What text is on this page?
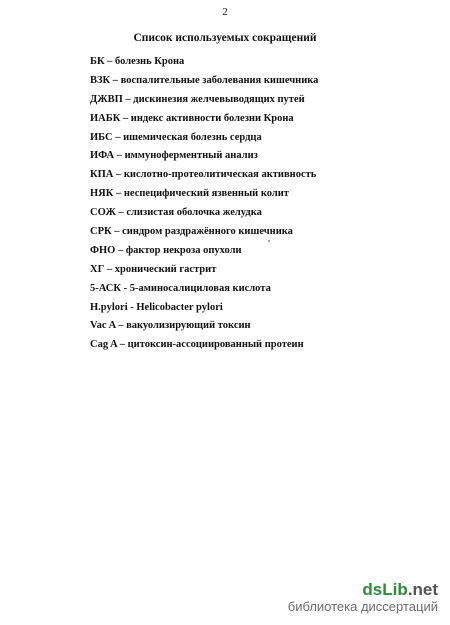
2
Список используемых сокращений
БК – болезнь Крона
ВЗК – воспалительные заболевания кишечника
ДЖВП – дискинезия желчевыводящих путей
ИАБК – индекс активности болезни Крона
ИБС – ишемическая болезнь сердца
ИФА – иммуноферментный анализ
КПА – кислотно-протеолитическая активность
НЯК – неспецифический язвенный колит
СОЖ – слизистая оболочка желудка
СРК – синдром раздражённого кишечника
ФНО – фактор некроза опухоли
ХГ – хронический гастрит
5-АСК - 5-аминосалициловая кислота
H.pylori - Helicobacter pylori
Vac A – вакуолизирующий токсин
Cag A – цитоксин-ассоциированный протеин
dsLib.net
библиотека диссертаций
